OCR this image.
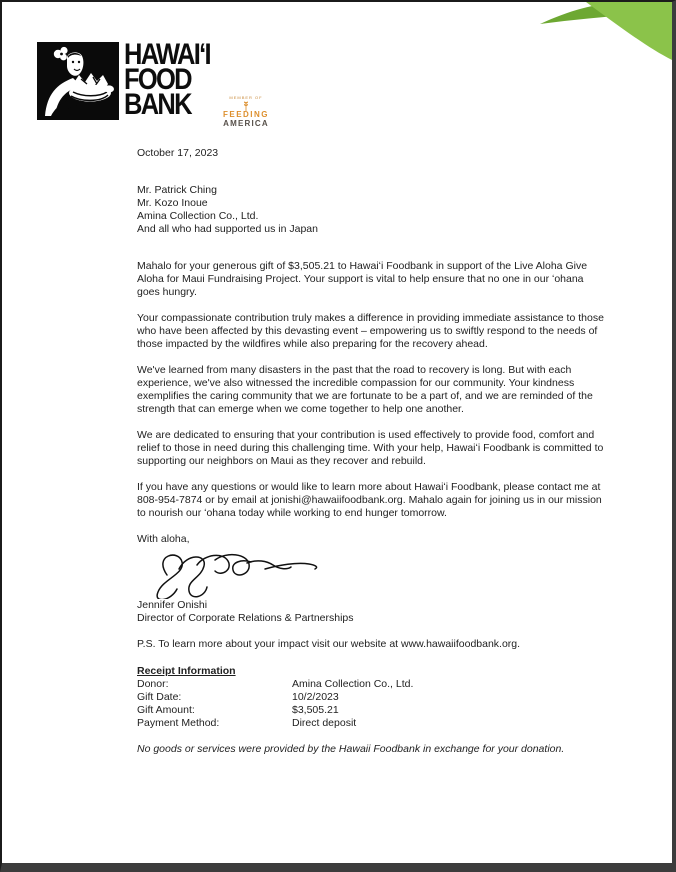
HAWAIʻI
FOOD
BANK	MEMBER OF
FEEDING
AMERICA
October 17, 2023
Mr. Patrick Ching
Mr. Kozo Inoue
Amina Collection Co., Ltd.
And all who had supported us in Japan

Mahalo for your generous gift of $3,505.21 to Hawaiʻi Foodbank in support of the Live Aloha Give Aloha for Maui Fundraising Project. Your support is vital to help ensure that no one in our ʻohana goes hungry.

Your compassionate contribution truly makes a difference in providing immediate assistance to those who have been affected by this devasting event – empowering us to swiftly respond to the needs of those impacted by the wildfires while also preparing for the recovery ahead.

We've learned from many disasters in the past that the road to recovery is long. But with each experience, we've also witnessed the incredible compassion for our community. Your kindness exemplifies the caring community that we are fortunate to be a part of, and we are reminded of the strength that can emerge when we come together to help one another.

We are dedicated to ensuring that your contribution is used effectively to provide food, comfort and relief to those in need during this challenging time. With your help, Hawaiʻi Foodbank is committed to supporting our neighbors on Maui as they recover and rebuild.

If you have any questions or would like to learn more about Hawaiʻi Foodbank, please contact me at 808-954-7874 or by email at jonishi@hawaiifoodbank.org. Mahalo again for joining us in our mission to nourish our ʻohana today while working to end hunger tomorrow.

With aloha,
Jennifer Onishi
Director of Corporate Relations & Partnerships
P.S. To learn more about your impact visit our website at www.hawaiifoodbank.org.
Receipt Information
Donor:	Amina Collection Co., Ltd.
Gift Date:	10/2/2023
Gift Amount:	$3,505.21
Payment Method:	Direct deposit
No goods or services were provided by the Hawaii Foodbank in exchange for your donation.
